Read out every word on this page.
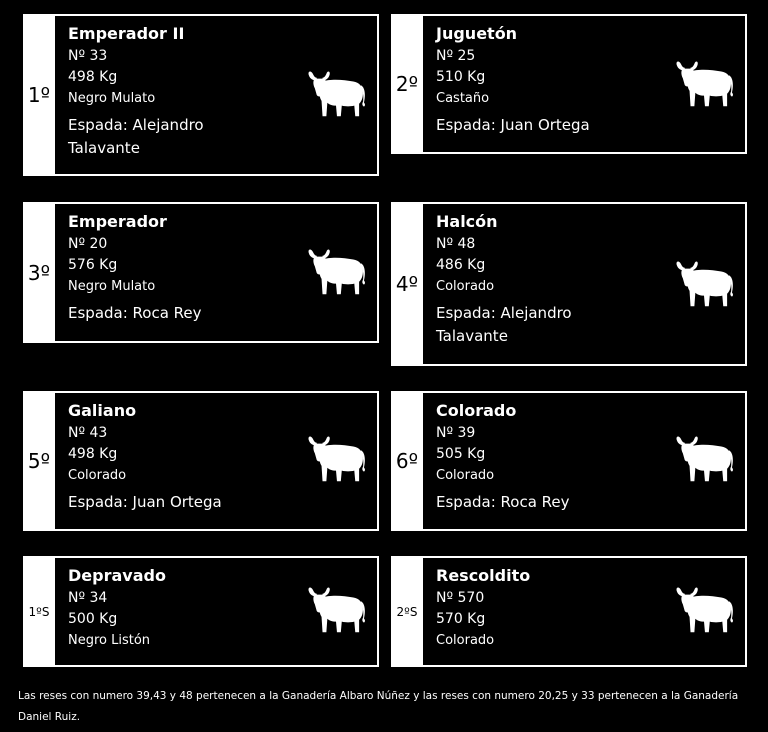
1º
Emperador II
Nº 33
498 Kg
Negro Mulato
Espada: Alejandro Talavante
2º
Juguetón
Nº 25
510 Kg
Castaño
Espada: Juan Ortega
3º
Emperador
Nº 20
576 Kg
Negro Mulato
Espada: Roca Rey
4º
Halcón
Nº 48
486 Kg
Colorado
Espada: Alejandro Talavante
5º
Galiano
Nº 43
498 Kg
Colorado
Espada: Juan Ortega
6º
Colorado
Nº 39
505 Kg
Colorado
Espada: Roca Rey
1ºS
Depravado
Nº 34
500 Kg
Negro Listón
2ºS
Rescoldito
Nº 570
570 Kg
Colorado
Las reses con numero 39,43 y 48 pertenecen a la Ganadería Albaro Núñez y las reses con numero 20,25 y 33 pertenecen a la Ganadería Daniel Ruiz.
